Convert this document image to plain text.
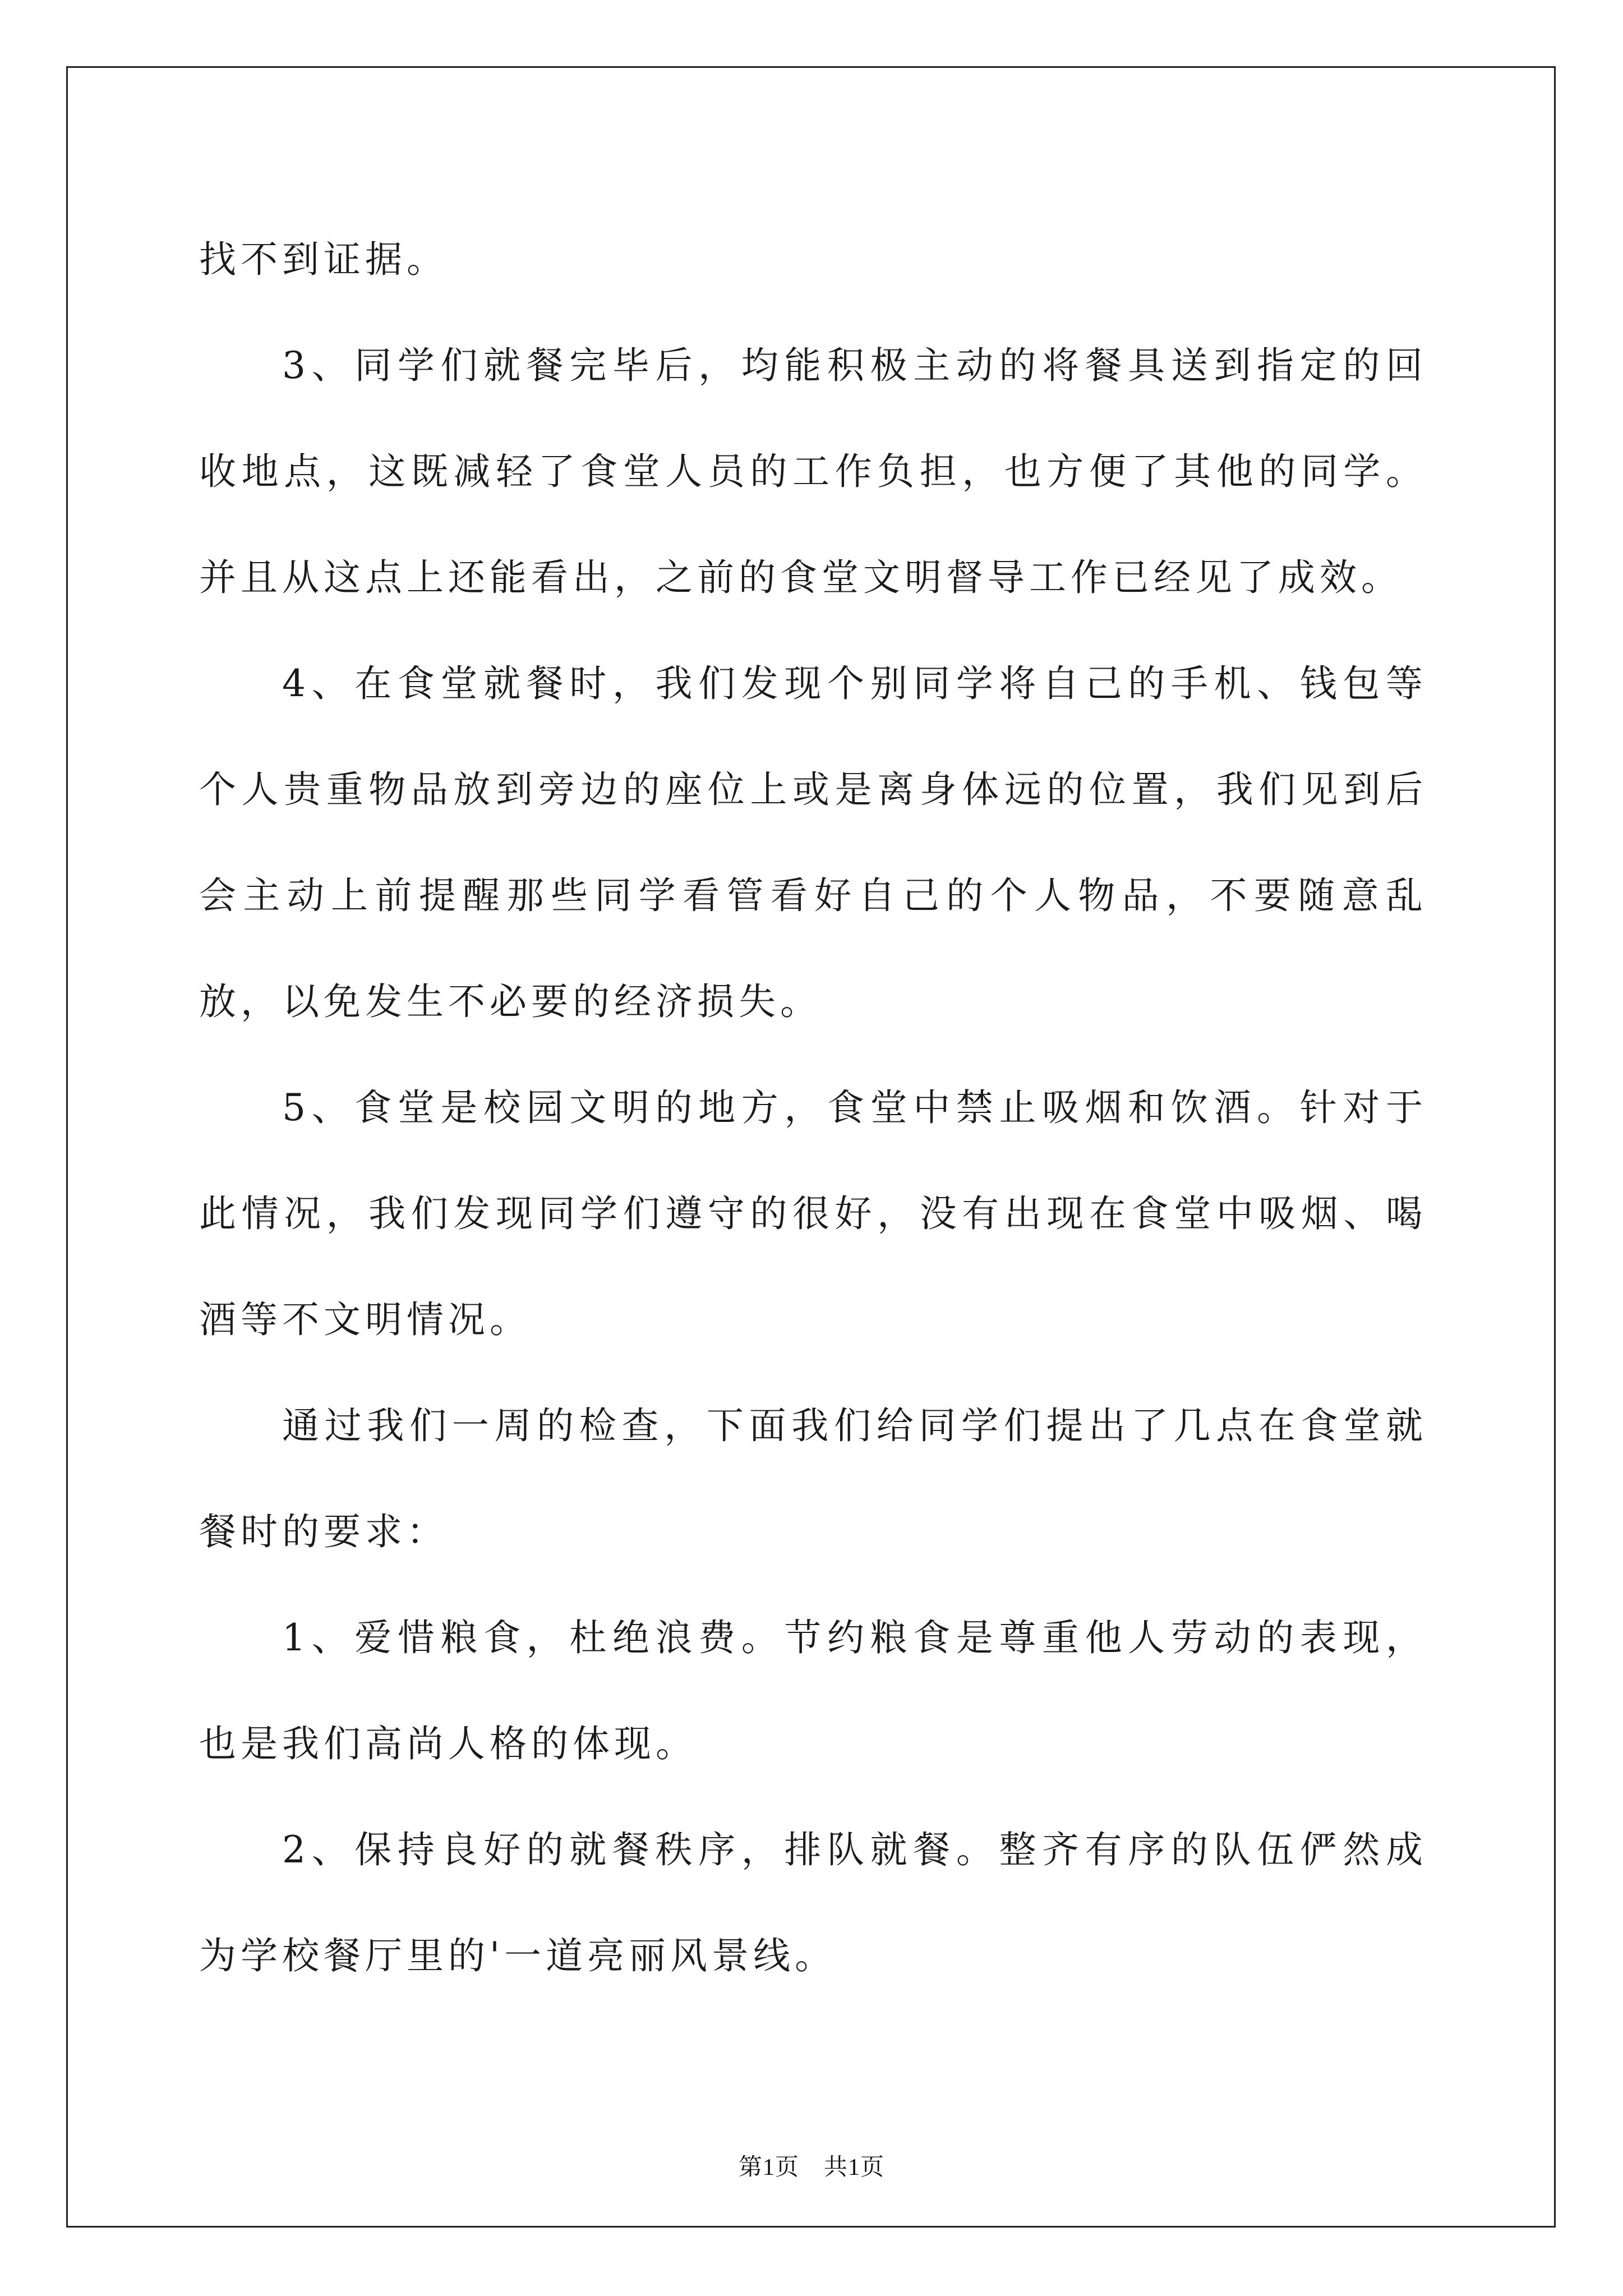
找不到证据。

3、同学们就餐完毕后，均能积极主动的将餐具送到指定的回收地点，这既减轻了食堂人员的工作负担，也方便了其他的同学。并且从这点上还能看出，之前的食堂文明督导工作已经见了成效。

4、在食堂就餐时，我们发现个别同学将自己的手机、钱包等个人贵重物品放到旁边的座位上或是离身体远的位置，我们见到后会主动上前提醒那些同学看管看好自己的个人物品，不要随意乱放，以免发生不必要的经济损失。

5、食堂是校园文明的地方，食堂中禁止吸烟和饮酒。针对于此情况，我们发现同学们遵守的很好，没有出现在食堂中吸烟、喝酒等不文明情况。

通过我们一周的检查，下面我们给同学们提出了几点在食堂就餐时的要求：

1、爱惜粮食，杜绝浪费。节约粮食是尊重他人劳动的表现，也是我们高尚人格的体现。

2、保持良好的就餐秩序，排队就餐。整齐有序的队伍俨然成为学校餐厅里的'一道亮丽风景线。

第1页 共1页
